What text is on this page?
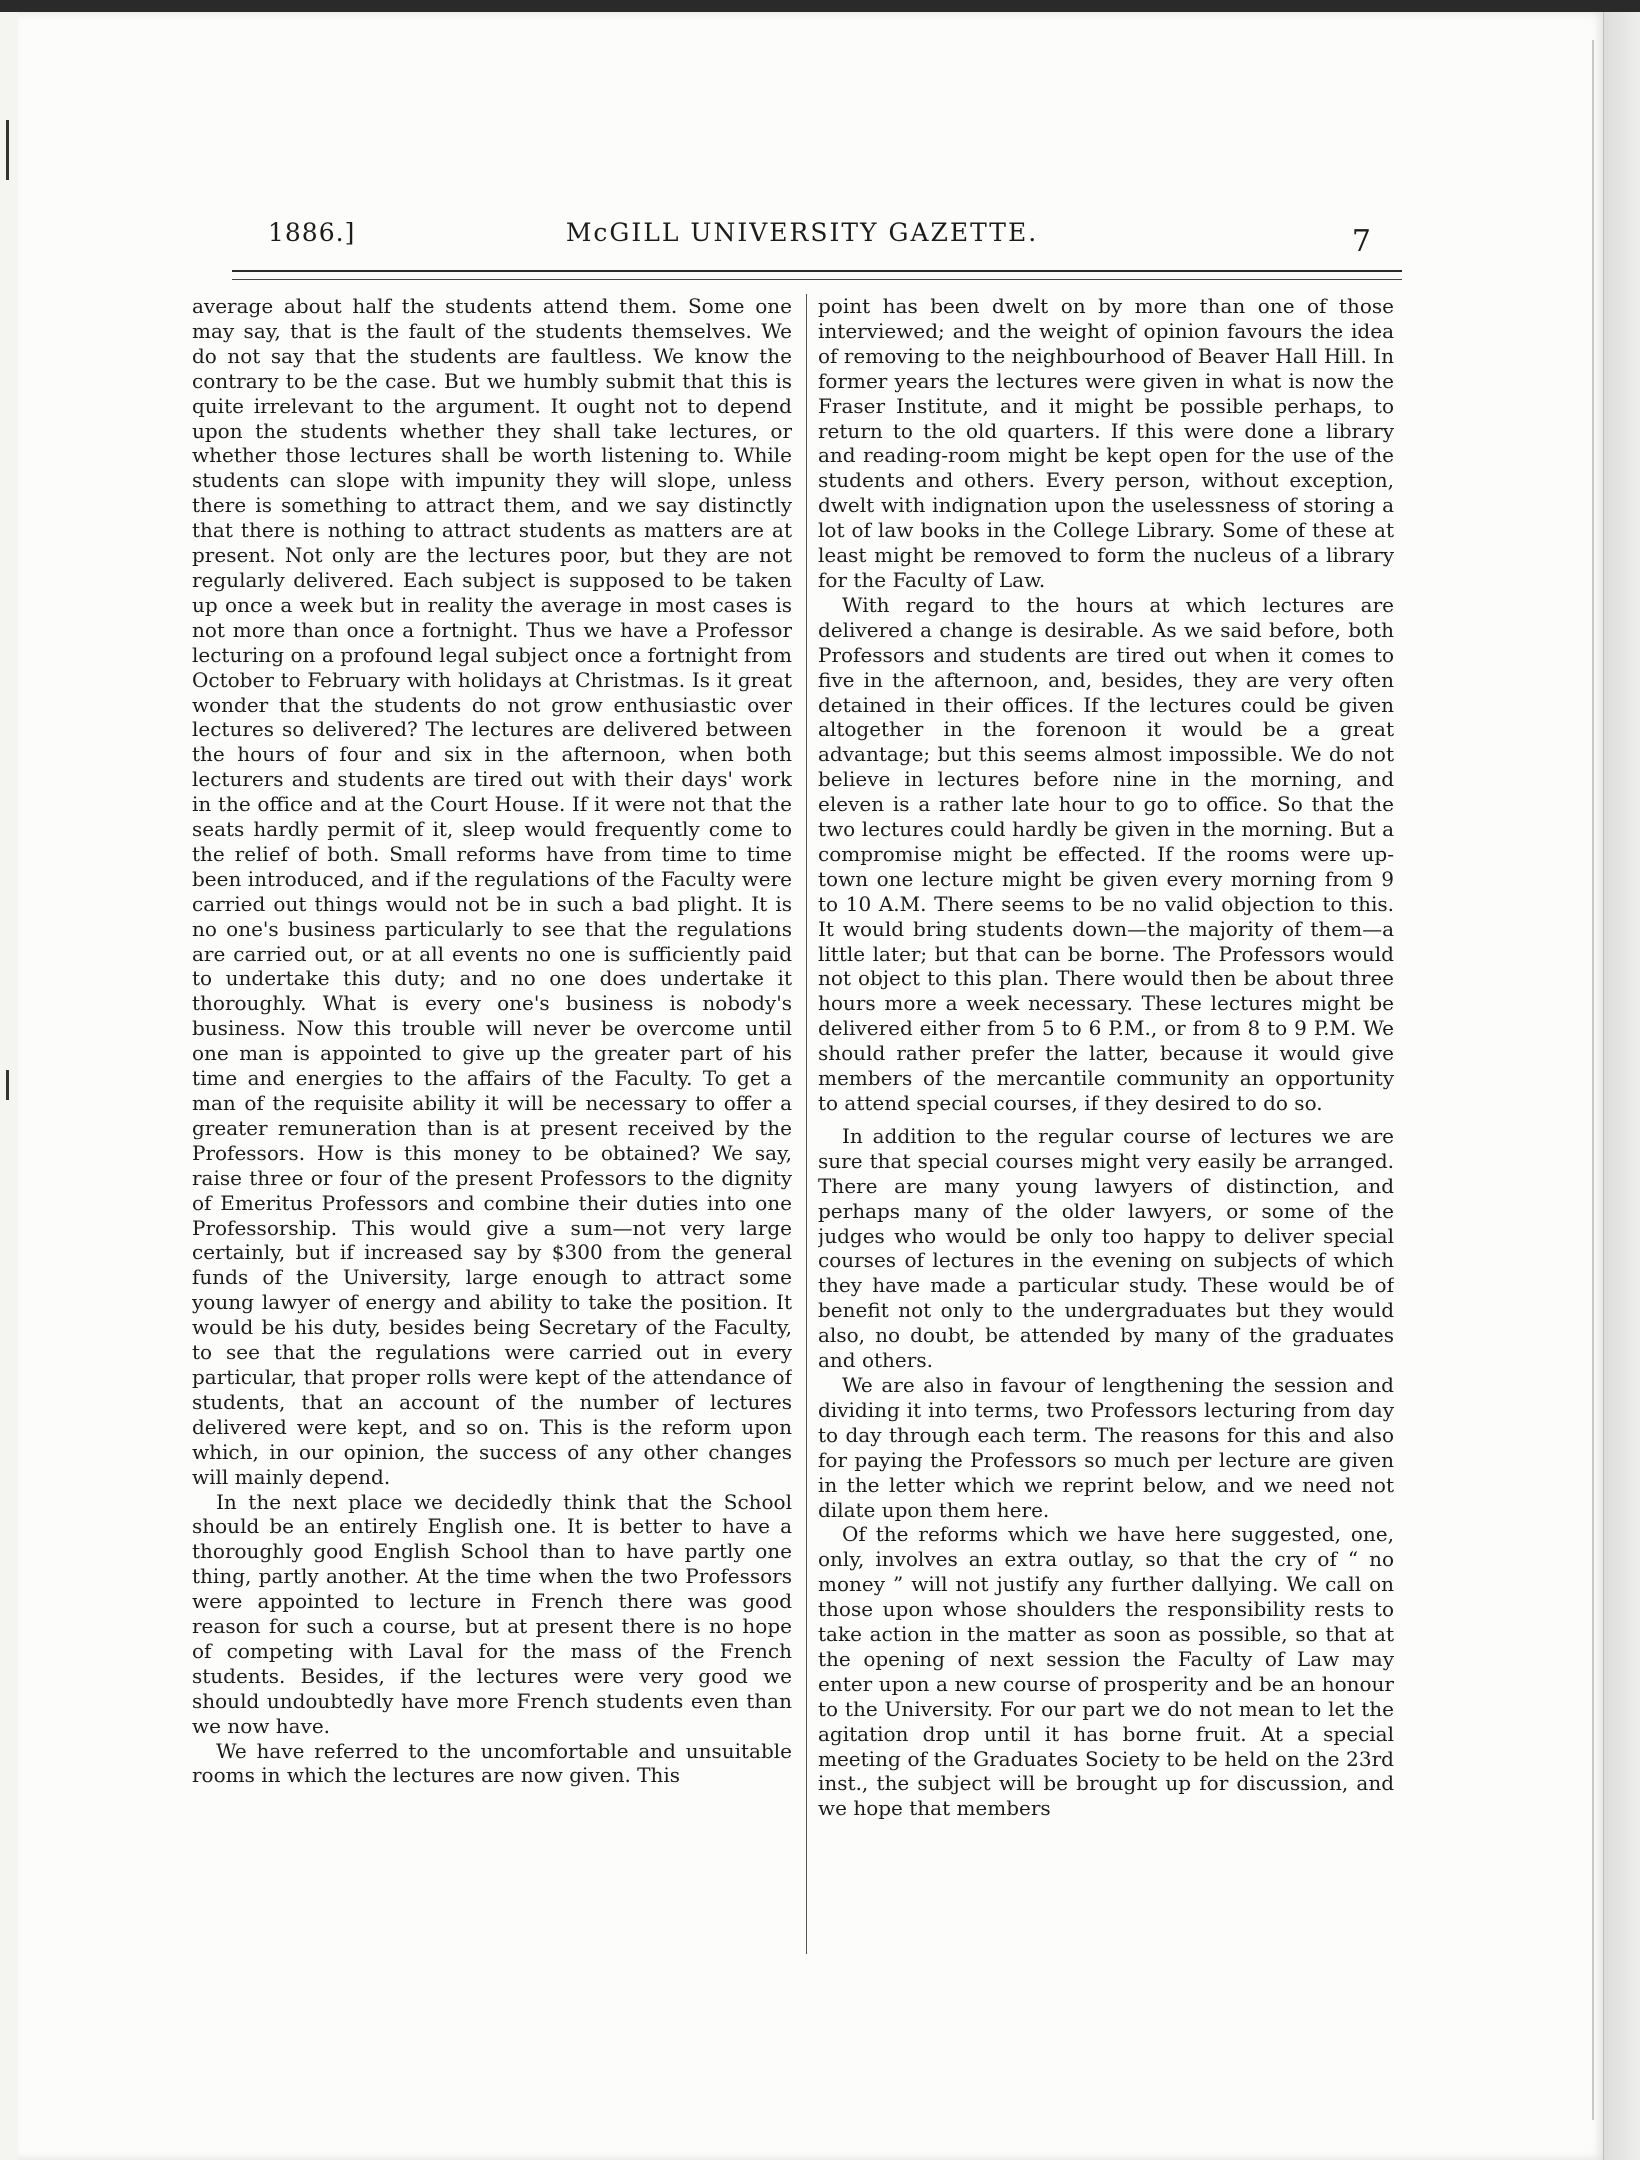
1886.]	McGILL UNIVERSITY GAZETTE.	7

average about half the students attend them. Some one may say, that is the fault of the students themselves. We do not say that the students are faultless. We know the contrary to be the case. But we humbly submit that this is quite irrelevant to the argument. It ought not to depend upon the students whether they shall take lectures, or whether those lectures shall be worth listening to. While students can slope with impunity they will slope, unless there is something to attract them, and we say distinctly that there is nothing to attract students as matters are at present. Not only are the lectures poor, but they are not regularly delivered. Each subject is supposed to be taken up once a week but in reality the average in most cases is not more than once a fortnight. Thus we have a Professor lecturing on a profound legal subject once a fortnight from October to February with holidays at Christmas. Is it great wonder that the students do not grow enthusiastic over lectures so delivered? The lectures are delivered between the hours of four and six in the afternoon, when both lecturers and students are tired out with their days' work in the office and at the Court House. If it were not that the seats hardly permit of it, sleep would frequently come to the relief of both. Small reforms have from time to time been introduced, and if the regulations of the Faculty were carried out things would not be in such a bad plight. It is no one's business particularly to see that the regulations are carried out, or at all events no one is sufficiently paid to undertake this duty; and no one does undertake it thoroughly. What is every one's business is nobody's business. Now this trouble will never be overcome until one man is appointed to give up the greater part of his time and energies to the affairs of the Faculty. To get a man of the requisite ability it will be necessary to offer a greater remuneration than is at present received by the Professors. How is this money to be obtained? We say, raise three or four of the present Professors to the dignity of Emeritus Professors and combine their duties into one Professorship. This would give a sum—not very large certainly, but if increased say by $300 from the general funds of the University, large enough to attract some young lawyer of energy and ability to take the position. It would be his duty, besides being Secretary of the Faculty, to see that the regulations were carried out in every particular, that proper rolls were kept of the attendance of students, that an account of the number of lectures delivered were kept, and so on. This is the reform upon which, in our opinion, the success of any other changes will mainly depend.

In the next place we decidedly think that the School should be an entirely English one. It is better to have a thoroughly good English School than to have partly one thing, partly another. At the time when the two Professors were appointed to lecture in French there was good reason for such a course, but at present there is no hope of competing with Laval for the mass of the French students. Besides, if the lectures were very good we should undoubtedly have more French students even than we now have.

We have referred to the uncomfortable and unsuitable rooms in which the lectures are now given. This

point has been dwelt on by more than one of those interviewed; and the weight of opinion favours the idea of removing to the neighbourhood of Beaver Hall Hill. In former years the lectures were given in what is now the Fraser Institute, and it might be possible perhaps, to return to the old quarters. If this were done a library and reading-room might be kept open for the use of the students and others. Every person, without exception, dwelt with indignation upon the uselessness of storing a lot of law books in the College Library. Some of these at least might be removed to form the nucleus of a library for the Faculty of Law.

With regard to the hours at which lectures are delivered a change is desirable. As we said before, both Professors and students are tired out when it comes to five in the afternoon, and, besides, they are very often detained in their offices. If the lectures could be given altogether in the forenoon it would be a great advantage; but this seems almost impossible. We do not believe in lectures before nine in the morning, and eleven is a rather late hour to go to office. So that the two lectures could hardly be given in the morning. But a compromise might be effected. If the rooms were up-town one lecture might be given every morning from 9 to 10 A.M. There seems to be no valid objection to this. It would bring students down—the majority of them—a little later; but that can be borne. The Professors would not object to this plan. There would then be about three hours more a week necessary. These lectures might be delivered either from 5 to 6 P.M., or from 8 to 9 P.M. We should rather prefer the latter, because it would give members of the mercantile community an opportunity to attend special courses, if they desired to do so.

In addition to the regular course of lectures we are sure that special courses might very easily be arranged. There are many young lawyers of distinction, and perhaps many of the older lawyers, or some of the judges who would be only too happy to deliver special courses of lectures in the evening on subjects of which they have made a particular study. These would be of benefit not only to the undergraduates but they would also, no doubt, be attended by many of the graduates and others.

We are also in favour of lengthening the session and dividing it into terms, two Professors lecturing from day to day through each term. The reasons for this and also for paying the Professors so much per lecture are given in the letter which we reprint below, and we need not dilate upon them here.

Of the reforms which we have here suggested, one, only, involves an extra outlay, so that the cry of “ no money ” will not justify any further dallying. We call on those upon whose shoulders the responsibility rests to take action in the matter as soon as possible, so that at the opening of next session the Faculty of Law may enter upon a new course of prosperity and be an honour to the University. For our part we do not mean to let the agitation drop until it has borne fruit. At a special meeting of the Graduates Society to be held on the 23rd inst., the subject will be brought up for discussion, and we hope that members
